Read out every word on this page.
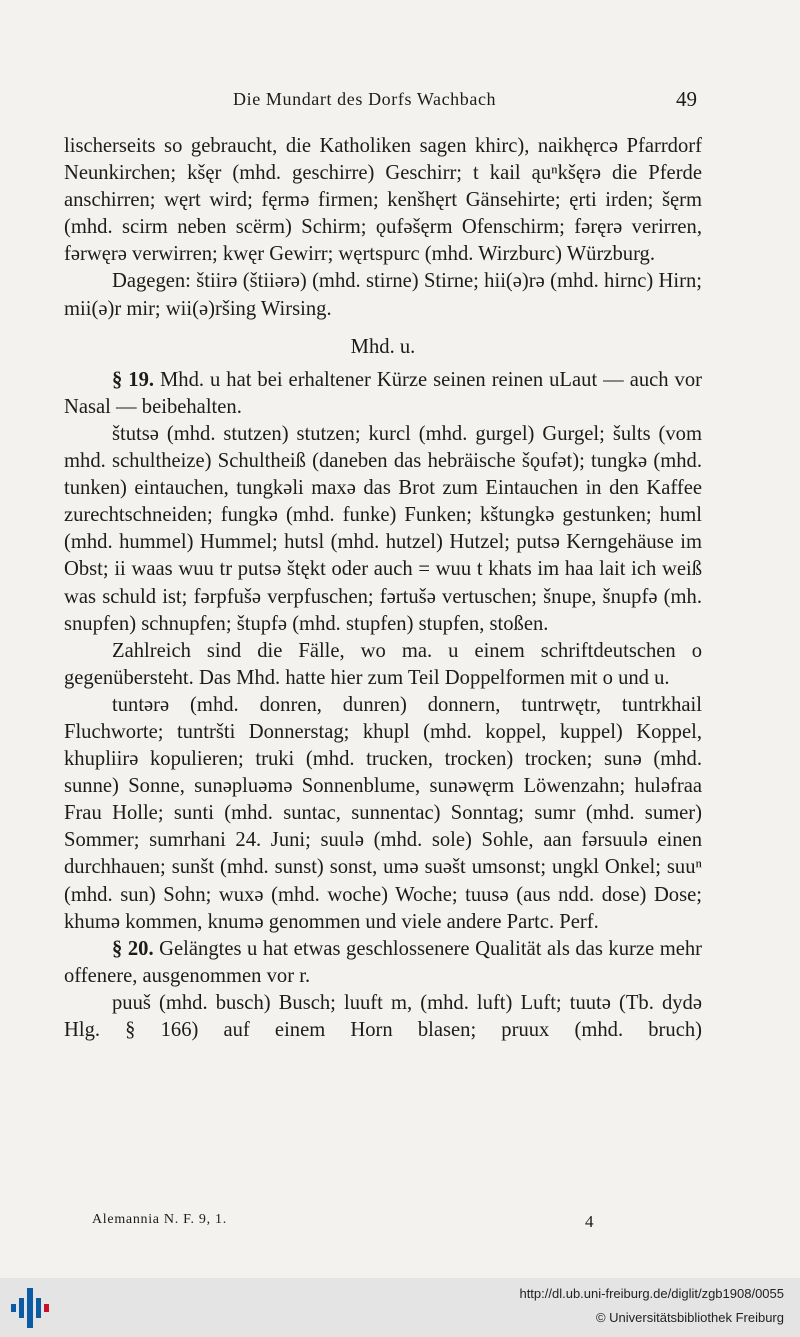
Die Mundart des Dorfs Wachbach	49

lischerseits so gebraucht, die Katholiken sagen khirc), naikhęrcə Pfarrdorf Neunkirchen; kšęr (mhd. geschirre) Geschirr; t kail ąuⁿkšęrə die Pferde anschirren; węrt wird; fęrmə firmen; kenšhęrt Gänsehirte; ęrti irden; šęrm (mhd. scirm neben scërm) Schirm; ǫufəšęrm Ofenschirm; fəręrə verirren, fərwęrə verwirren; kwęr Gewirr; węrtspurc (mhd. Wirzburc) Würzburg.

Dagegen: štiirə (štiiərə) (mhd. stirne) Stirne; hii(ə)rə (mhd. hirnc) Hirn; mii(ə)r mir; wii(ə)ršing Wirsing.

Mhd. u.

§ 19. Mhd. u hat bei erhaltener Kürze seinen reinen uLaut — auch vor Nasal — beibehalten.

štutsə (mhd. stutzen) stutzen; kurcl (mhd. gurgel) Gurgel; šults (vom mhd. schultheize) Schultheiß (daneben das hebräische šǫufət); tungkə (mhd. tunken) eintauchen, tungkəli maxə das Brot zum Eintauchen in den Kaffee zurechtschneiden; fungkə (mhd. funke) Funken; kštungkə gestunken; huml (mhd. hummel) Hummel; hutsl (mhd. hutzel) Hutzel; putsə Kerngehäuse im Obst; ii waas wuu tr putsə štękt oder auch = wuu t khats im haa lait ich weiß was schuld ist; fərpfušə verpfuschen; fərtušə vertuschen; šnupe, šnupfə (mh. snupfen) schnupfen; štupfə (mhd. stupfen) stupfen, stoßen.

Zahlreich sind die Fälle, wo ma. u einem schriftdeutschen o gegenübersteht. Das Mhd. hatte hier zum Teil Doppelformen mit o und u.

tuntərə (mhd. donren, dunren) donnern, tuntrwętr, tuntrkhail Fluchworte; tuntršti Donnerstag; khupl (mhd. koppel, kuppel) Koppel, khupliirə kopulieren; truki (mhd. trucken, trocken) trocken; sunə (mhd. sunne) Sonne, sunəpluəmə Sonnenblume, sunəwęrm Löwenzahn; huləfraa Frau Holle; sunti (mhd. suntac, sunnentac) Sonntag; sumr (mhd. sumer) Sommer; sumrhani 24. Juni; suulə (mhd. sole) Sohle, aan fərsuulə einen durchhauen; sunšt (mhd. sunst) sonst, umə suəšt umsonst; ungkl Onkel; suuⁿ (mhd. sun) Sohn; wuxə (mhd. woche) Woche; tuusə (aus ndd. dose) Dose; khumə kommen, knumə genommen und viele andere Partc. Perf.

§ 20. Gelängtes u hat etwas geschlossenere Qualität als das kurze mehr offenere, ausgenommen vor r.

puuš (mhd. busch) Busch; luuft m, (mhd. luft) Luft; tuutə (Tb. dydə Hlg. § 166) auf einem Horn blasen; pruux (mhd. bruch)

Alemannia N. F. 9, 1.	4
http://dl.ub.uni-freiburg.de/diglit/zgb1908/0055
© Universitätsbibliothek Freiburg
